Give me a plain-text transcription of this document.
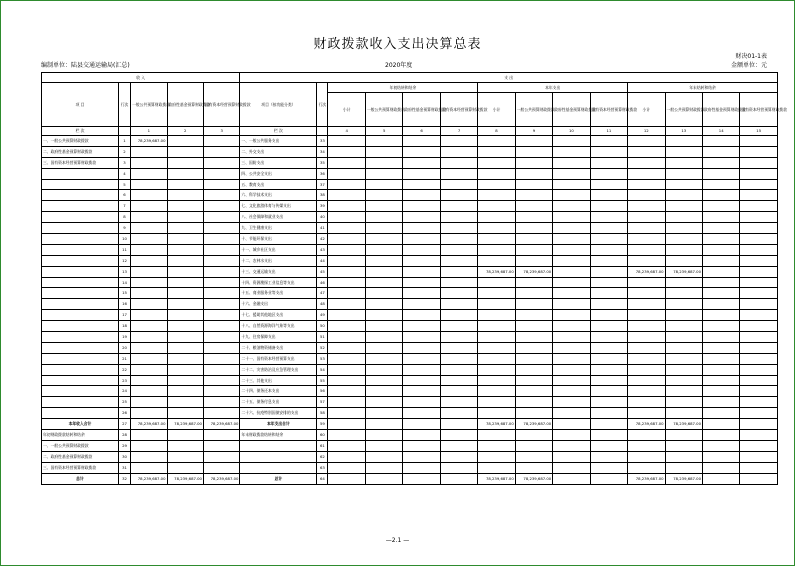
财政拨款收入支出决算总表
财决01-1表
编制单位：陆县交通运输局(汇总)	2020年度	金额单位：元
收 入					支 出													
项 目	行次	一般公共预算财政拨款	政府性基金预算财政拨款	国有资本经营预算财政拨款	项目（按功能分类）	行次	年初结转和结余				本年支出				年末结转和结余			
							小计	一般公共预算财政拨款	政府性基金预算财政拨款	国有资本经营预算财政拨款	小计	一般公共预算财政拨款	政府性基金预算财政拨款	国有资本经营预算财政拨款	小计	一般公共预算财政拨款	政府性基金预算财政拨款	国有资本经营预算财政拨款
栏 次		1	2	3	栏 次		4	5	6	7	8	9	10	11	12	13	14	15
一、一般公共预算财政拨款	1	78,239,687.00			一、一般公共服务支出	33												
二、政府性基金预算财政拨款	2				二、外交支出	34												
三、国有资本经营预算财政拨款	3				三、国防支出	35												
	4				四、公共安全支出	36												
	5				五、教育支出	37												
	6				六、科学技术支出	38												
	7				七、文化旅游体育与传媒支出	39												
	8				八、社会保障和就业支出	40												
	9				九、卫生健康支出	41												
	10				十、节能环保支出	42												
	11				十一、城乡社区支出	43												
	12				十二、农林水支出	44												
	13				十三、交通运输支出	45					78,239,687.00	78,239,687.00			78,239,687.00	78,239,687.00		
	14				十四、资源勘探工业信息等支出	46												
	15				十五、商业服务业等支出	47												
	16				十六、金融支出	48												
	17				十七、援助其他地区支出	49												
	18				十八、自然资源海洋气象等支出	50												
	19				十九、住房保障支出	51												
	20				二十、粮油物资储备支出	52												
	21				二十一、国有资本经营预算支出	53												
	22				二十二、灾害防治及应急管理支出	54												
	23				二十三、其他支出	55												
	24				二十四、债务还本支出	56												
	25				二十五、债务付息支出	57												
	26				二十六、抗疫特别国债安排的支出	58												
本年收入合计	27	78,239,687.00	78,239,687.00	78,239,687.00	本年支出合计	59					78,239,687.00	78,239,687.00			78,239,687.00	78,239,687.00		
年初财政拨款结转和结余	28				年末财政拨款结转和结余	60												
一、一般公共预算财政拨款	29					61												
二、政府性基金预算财政拨款	30					62												
三、国有资本经营预算财政拨款	31					63												
总计	32	78,239,687.00	78,239,687.00	78,239,687.00	总计	64					78,239,687.00	78,239,687.00			78,239,687.00	78,239,687.00		
—2.1 —
